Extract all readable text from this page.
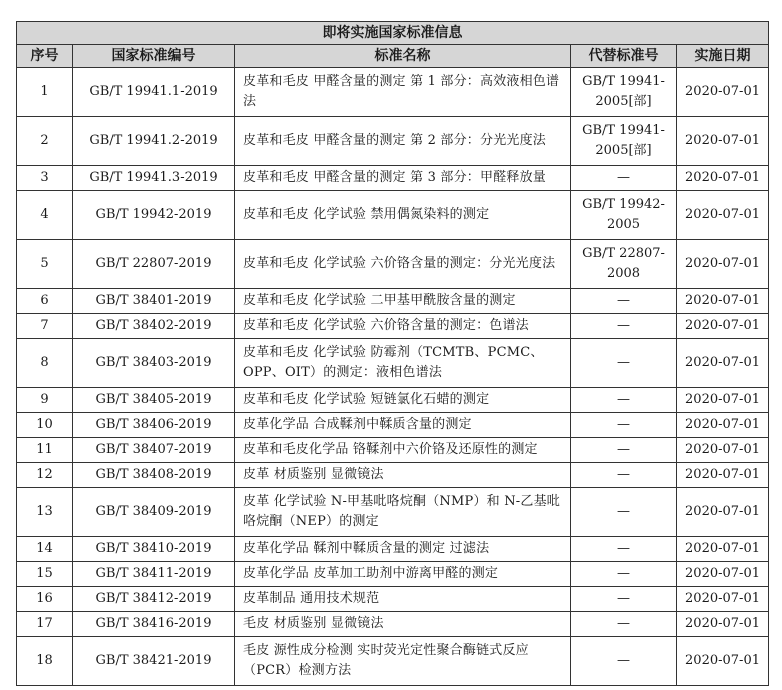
即将实施国家标准信息				
序号	国家标准编号	标准名称	代替标准号	实施日期
1	GB/T 19941.1-2019	皮革和毛皮 甲醛含量的测定 第 1 部分：高效液相色谱法	GB/T 19941-2005[部]	2020-07-01
2	GB/T 19941.2-2019	皮革和毛皮 甲醛含量的测定 第 2 部分：分光光度法	GB/T 19941-2005[部]	2020-07-01
3	GB/T 19941.3-2019	皮革和毛皮 甲醛含量的测定 第 3 部分：甲醛释放量	—	2020-07-01
4	GB/T 19942-2019	皮革和毛皮 化学试验 禁用偶氮染料的测定	GB/T 19942-2005	2020-07-01
5	GB/T 22807-2019	皮革和毛皮 化学试验 六价铬含量的测定：分光光度法	GB/T 22807-2008	2020-07-01
6	GB/T 38401-2019	皮革和毛皮 化学试验 二甲基甲酰胺含量的测定	—	2020-07-01
7	GB/T 38402-2019	皮革和毛皮 化学试验 六价铬含量的测定：色谱法	—	2020-07-01
8	GB/T 38403-2019	皮革和毛皮 化学试验 防霉剂（TCMTB、PCMC、OPP、OIT）的测定：液相色谱法	—	2020-07-01
9	GB/T 38405-2019	皮革和毛皮 化学试验 短链氯化石蜡的测定	—	2020-07-01
10	GB/T 38406-2019	皮革化学品 合成鞣剂中鞣质含量的测定	—	2020-07-01
11	GB/T 38407-2019	皮革和毛皮化学品 铬鞣剂中六价铬及还原性的测定	—	2020-07-01
12	GB/T 38408-2019	皮革 材质鉴别 显微镜法	—	2020-07-01
13	GB/T 38409-2019	皮革 化学试验 N-甲基吡咯烷酮（NMP）和 N-乙基吡咯烷酮（NEP）的测定	—	2020-07-01
14	GB/T 38410-2019	皮革化学品 鞣剂中鞣质含量的测定 过滤法	—	2020-07-01
15	GB/T 38411-2019	皮革化学品 皮革加工助剂中游离甲醛的测定	—	2020-07-01
16	GB/T 38412-2019	皮革制品 通用技术规范	—	2020-07-01
17	GB/T 38416-2019	毛皮 材质鉴别 显微镜法	—	2020-07-01
18	GB/T 38421-2019	毛皮 源性成分检测 实时荧光定性聚合酶链式反应（PCR）检测方法	—	2020-07-01
